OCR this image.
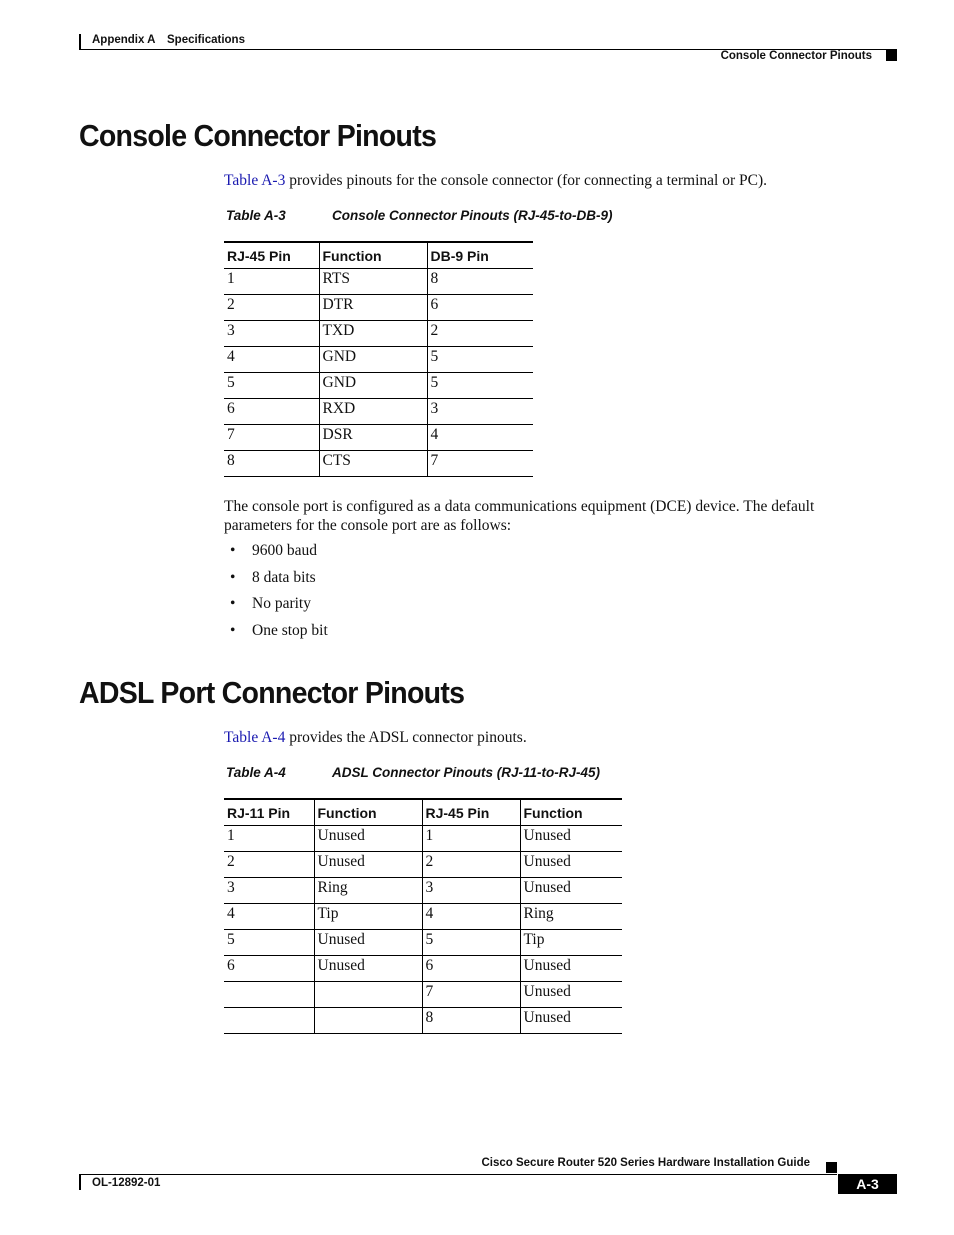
Appendix A Specifications
Console Connector Pinouts
Console Connector Pinouts
Table A-3 provides pinouts for the console connector (for connecting a terminal or PC).
Table A-3	Console Connector Pinouts (RJ-45-to-DB-9)
RJ-45 Pin	Function	DB-9 Pin
1	RTS	8
2	DTR	6
3	TXD	2
4	GND	5
5	GND	5
6	RXD	3
7	DSR	4
8	CTS	7
The console port is configured as a data communications equipment (DCE) device. The default parameters for the console port are as follows:
• 9600 baud
• 8 data bits
• No parity
• One stop bit
ADSL Port Connector Pinouts
Table A-4 provides the ADSL connector pinouts.
Table A-4	ADSL Connector Pinouts (RJ-11-to-RJ-45)
RJ-11 Pin	Function	RJ-45 Pin	Function
1	Unused	1	Unused
2	Unused	2	Unused
3	Ring	3	Unused
4	Tip	4	Ring
5	Unused	5	Tip
6	Unused	6	Unused
		7	Unused
		8	Unused
Cisco Secure Router 520 Series Hardware Installation Guide
OL-12892-01	A-3
